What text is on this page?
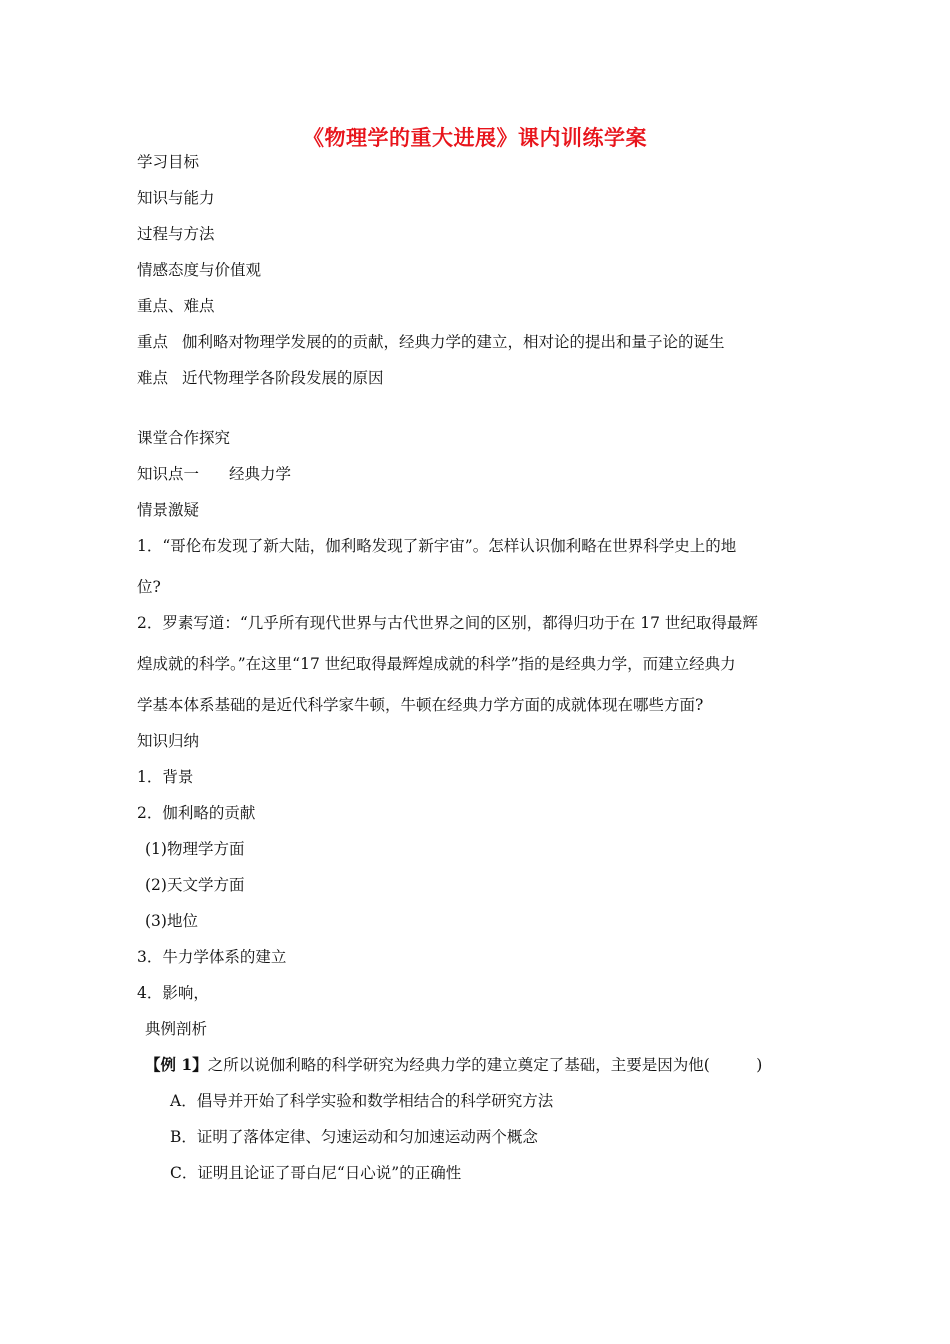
《物理学的重大进展》课内训练学案
学习目标
知识与能力
过程与方法
情感态度与价值观
重点、难点
重点 伽利略对物理学发展的的贡献，经典力学的建立，相对论的提出和量子论的诞生
难点 近代物理学各阶段发展的原因
课堂合作探究
知识点一 经典力学
情景激疑
1．“哥伦布发现了新大陆，伽利略发现了新宇宙”。怎样认识伽利略在世界科学史上的地
位?
2．罗素写道：“几乎所有现代世界与古代世界之间的区别，都得归功于在 17 世纪取得最辉
煌成就的科学。”在这里“17 世纪取得最辉煌成就的科学”指的是经典力学，而建立经典力
学基本体系基础的是近代科学家牛顿，牛顿在经典力学方面的成就体现在哪些方面?
知识归纳
1．背景
2．伽利略的贡献
(1)物理学方面
(2)天文学方面
(3)地位
3．牛力学体系的建立
4．影响，
典例剖析
【例 1】之所以说伽利略的科学研究为经典力学的建立奠定了基础，主要是因为他(　　　)
A．倡导并开始了科学实验和数学相结合的科学研究方法
B．证明了落体定律、匀速运动和匀加速运动两个概念
C．证明且论证了哥白尼“日心说”的正确性
